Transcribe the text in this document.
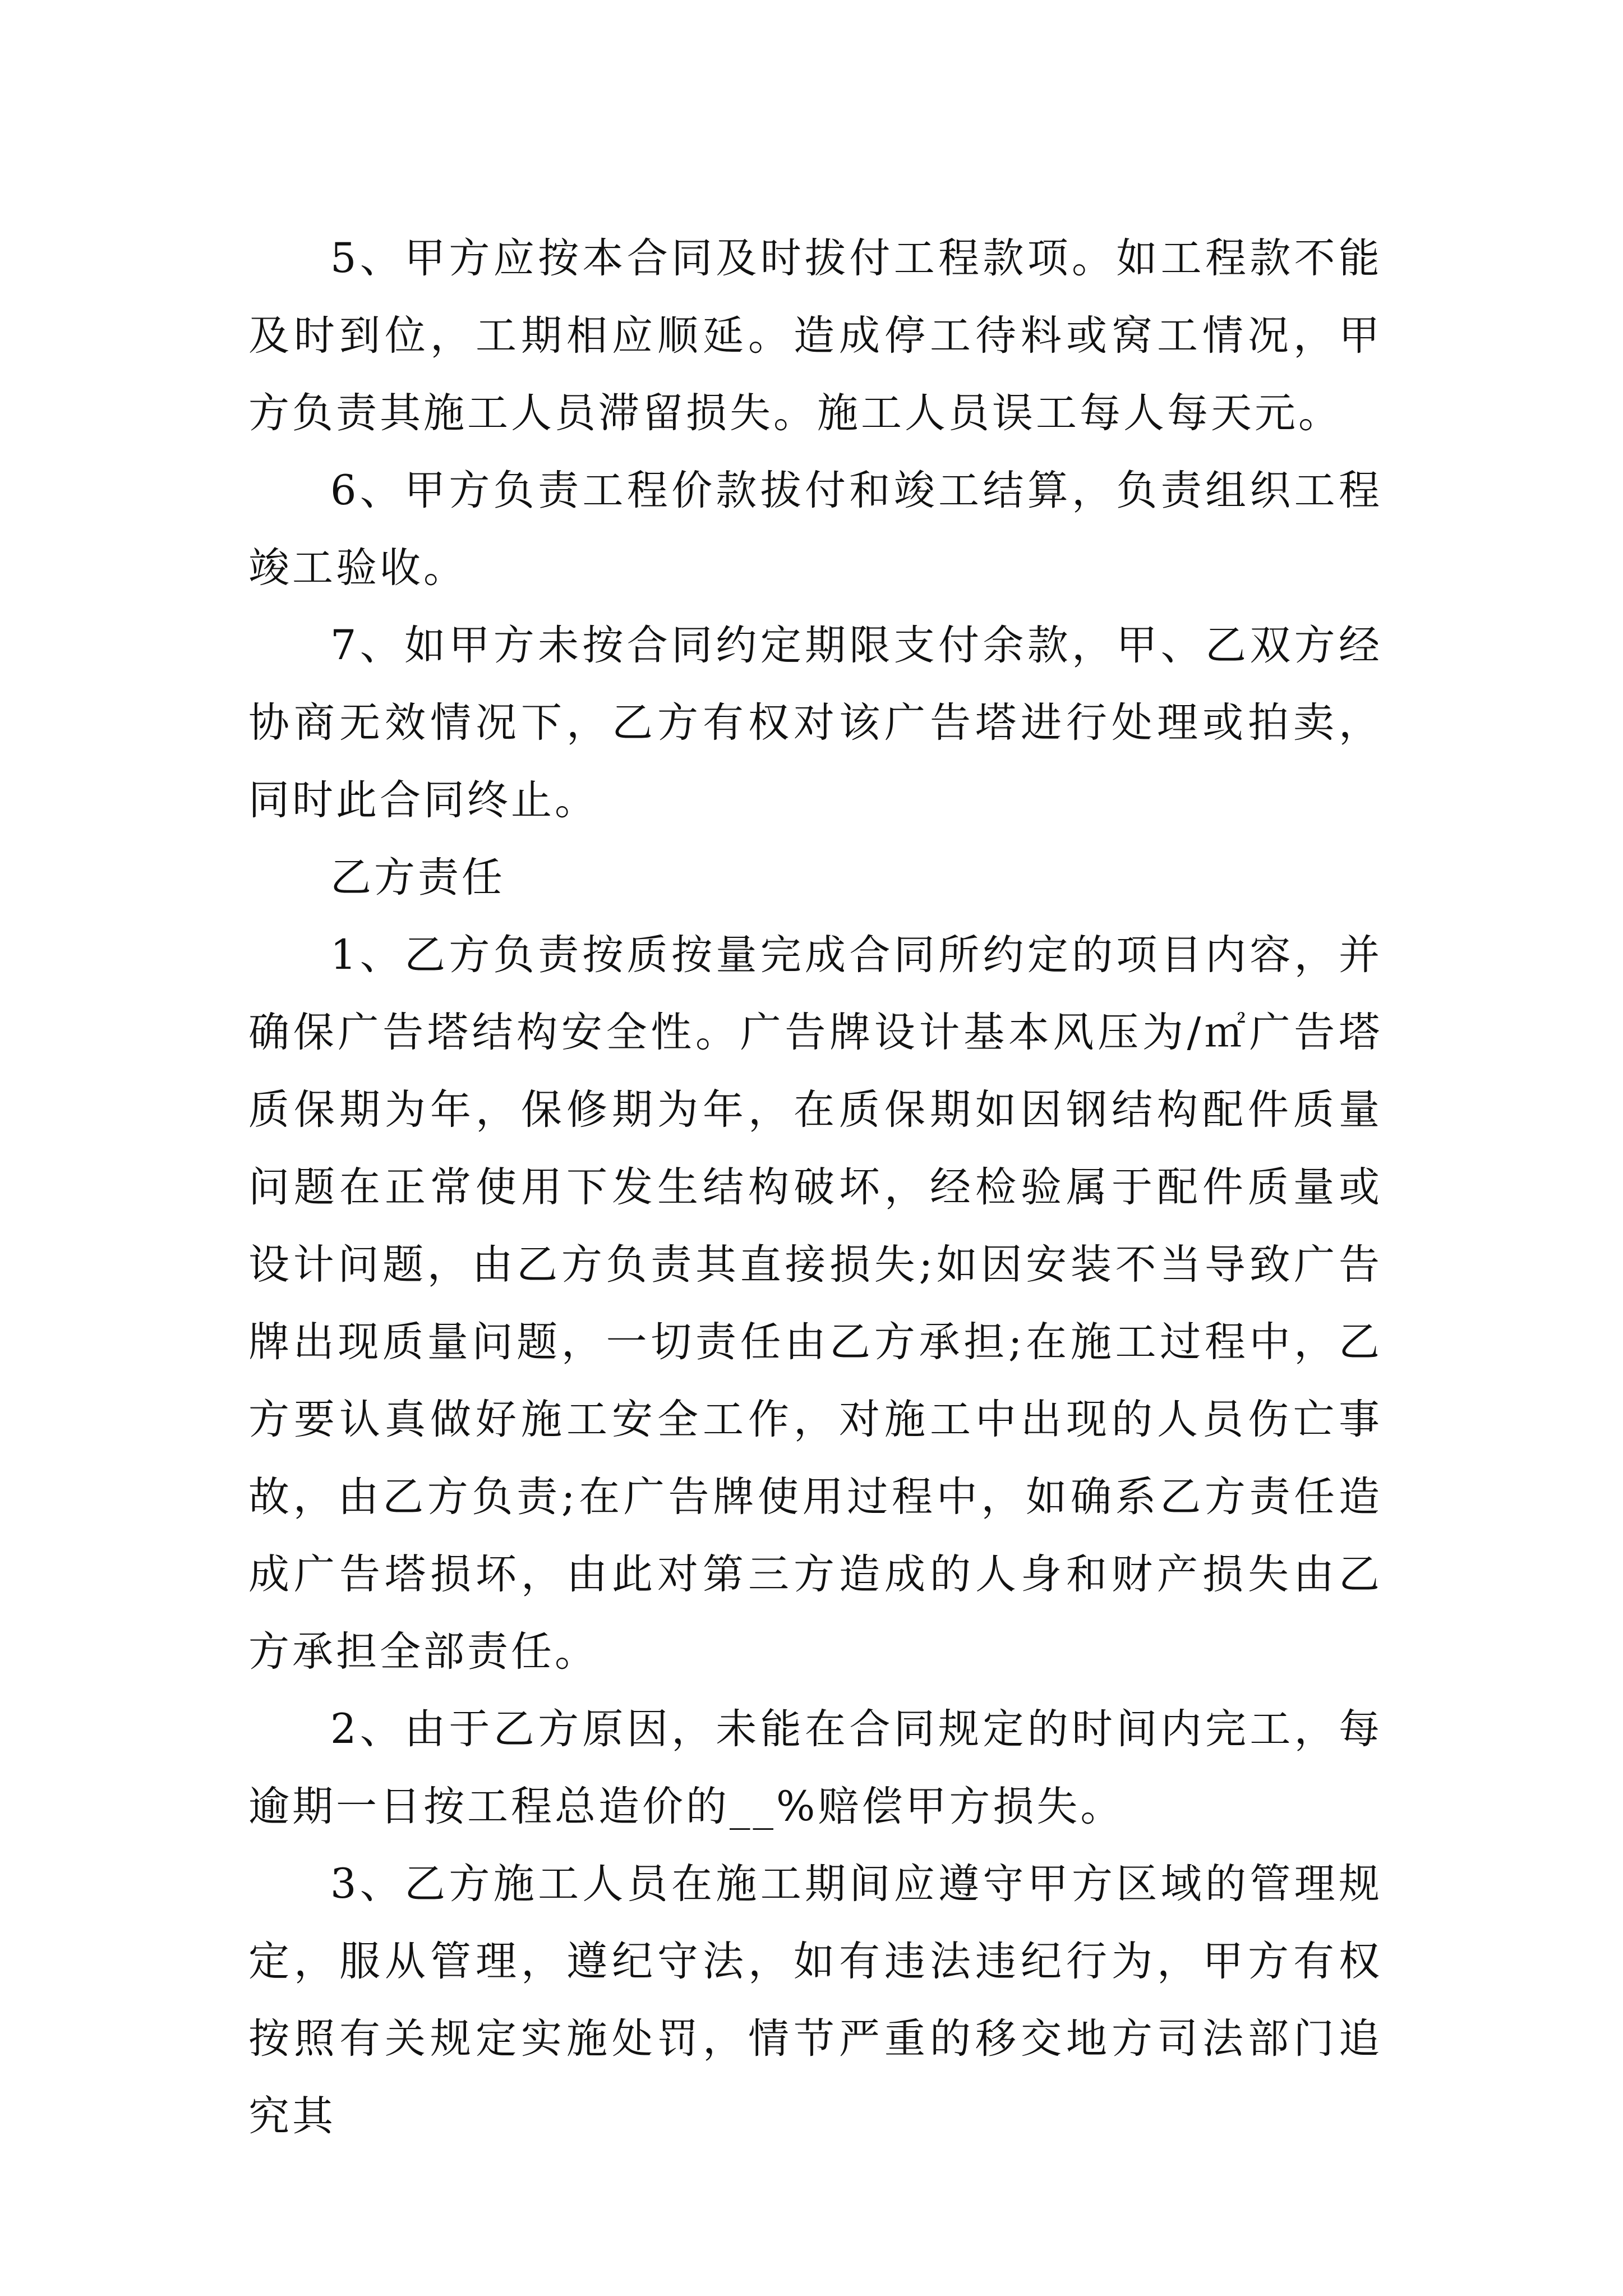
5、甲方应按本合同及时拔付工程款项。如工程款不能及时到位，工期相应顺延。造成停工待料或窝工情况，甲方负责其施工人员滞留损失。施工人员误工每人每天元。

6、甲方负责工程价款拔付和竣工结算，负责组织工程竣工验收。

7、如甲方未按合同约定期限支付余款，甲、乙双方经协商无效情况下，乙方有权对该广告塔进行处理或拍卖，同时此合同终止。

乙方责任

1、乙方负责按质按量完成合同所约定的项目内容，并确保广告塔结构安全性。广告牌设计基本风压为/㎡广告塔质保期为年，保修期为年，在质保期如因钢结构配件质量问题在正常使用下发生结构破坏，经检验属于配件质量或设计问题，由乙方负责其直接损失;如因安装不当导致广告牌出现质量问题，一切责任由乙方承担;在施工过程中，乙方要认真做好施工安全工作，对施工中出现的人员伤亡事故，由乙方负责;在广告牌使用过程中，如确系乙方责任造成广告塔损坏，由此对第三方造成的人身和财产损失由乙方承担全部责任。

2、由于乙方原因，未能在合同规定的时间内完工，每逾期一日按工程总造价的__%赔偿甲方损失。

3、乙方施工人员在施工期间应遵守甲方区域的管理规定，服从管理，遵纪守法，如有违法违纪行为，甲方有权按照有关规定实施处罚，情节严重的移交地方司法部门追究其
